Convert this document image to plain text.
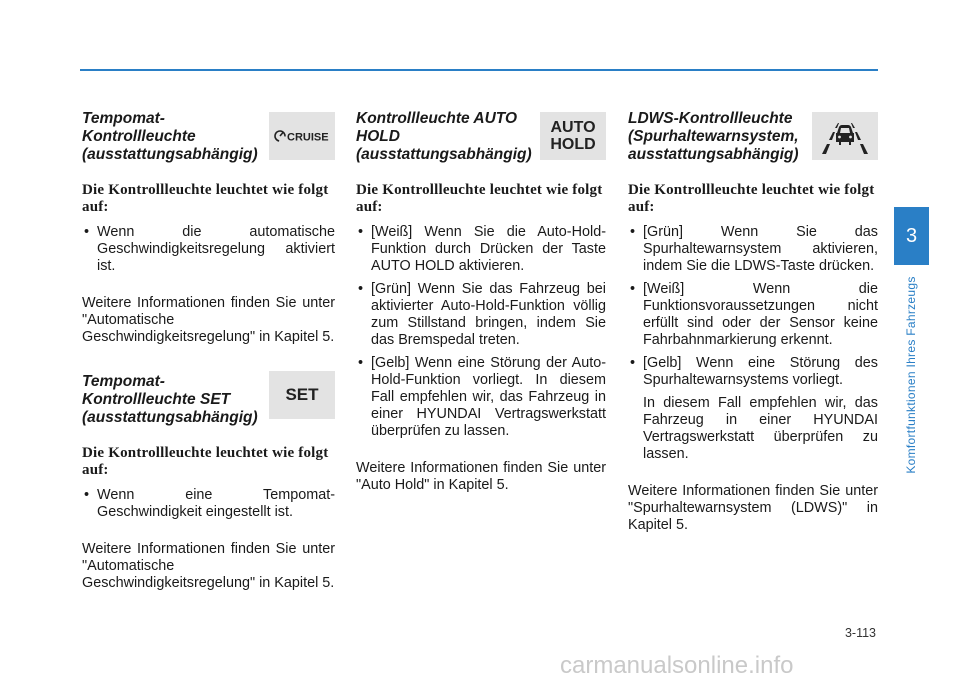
Tempomat-
Kontrollleuchte
(ausstattungsabhängig)
CRUISE

Die Kontrollleuchte leuchtet wie folgt auf:

• Wenn die automatische Geschwindigkeitsregelung aktiviert ist.

Weitere Informationen finden Sie unter "Automatische Geschwindigkeitsregelung" in Kapitel 5.

Tempomat-
Kontrollleuchte SET
(ausstattungsabhängig)
SET

Die Kontrollleuchte leuchtet wie folgt auf:

• Wenn eine Tempomat-Geschwindigkeit eingestellt ist.

Weitere Informationen finden Sie unter "Automatische Geschwindigkeitsregelung" in Kapitel 5.

Kontrollleuchte AUTO
HOLD
(ausstattungsabhängig)
AUTO
HOLD

Die Kontrollleuchte leuchtet wie folgt auf:

• [Weiß] Wenn Sie die Auto-Hold-Funktion durch Drücken der Taste AUTO HOLD aktivieren.
• [Grün] Wenn Sie das Fahrzeug bei aktivierter Auto-Hold-Funktion völlig zum Stillstand bringen, indem Sie das Bremspedal treten.
• [Gelb] Wenn eine Störung der Auto-Hold-Funktion vorliegt. In diesem Fall empfehlen wir, das Fahrzeug in einer HYUNDAI Vertragswerkstatt überprüfen zu lassen.

Weitere Informationen finden Sie unter "Auto Hold" in Kapitel 5.

LDWS-Kontrollleuchte
(Spurhaltewarnsystem,
ausstattungsabhängig)

Die Kontrollleuchte leuchtet wie folgt auf:

• [Grün] Wenn Sie das Spurhaltewarnsystem aktivieren, indem Sie die LDWS-Taste drücken.
• [Weiß] Wenn die Funktionsvoraussetzungen nicht erfüllt sind oder der Sensor keine Fahrbahnmarkierung erkennt.
• [Gelb] Wenn eine Störung des Spurhaltewarnsystems vorliegt.

In diesem Fall empfehlen wir, das Fahrzeug in einer HYUNDAI Vertragswerkstatt überprüfen zu lassen.

Weitere Informationen finden Sie unter "Spurhaltewarnsystem (LDWS)" in Kapitel 5.

3
Komfortfunktionen Ihres Fahrzeugs
3-113
carmanualsonline.info
